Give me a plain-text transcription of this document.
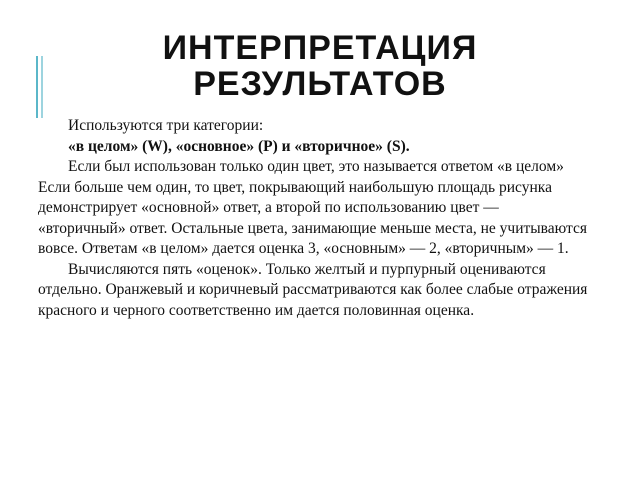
ИНТЕРПРЕТАЦИЯ
РЕЗУЛЬТАТОВ

Используются три категории:

«в целом» (W), «основное» (P) и «вторичное» (S).

Если был использован только один цвет, это называется ответом «в целом» Если больше чем один, то цвет, покрывающий наибольшую площадь рисунка демонстрирует «основной» ответ, а второй по использованию цвет — «вторичный» ответ. Остальные цвета, занимающие меньше места, не учитываются вовсе. Ответам «в целом» дается оценка 3, «основным» — 2, «вторичным» — 1.

Вычисляются пять «оценок». Только желтый и пурпурный оцениваются отдельно. Оранжевый и коричневый рассматриваются как более слабые отражения красного и черного соответственно им дается половинная оценка.
